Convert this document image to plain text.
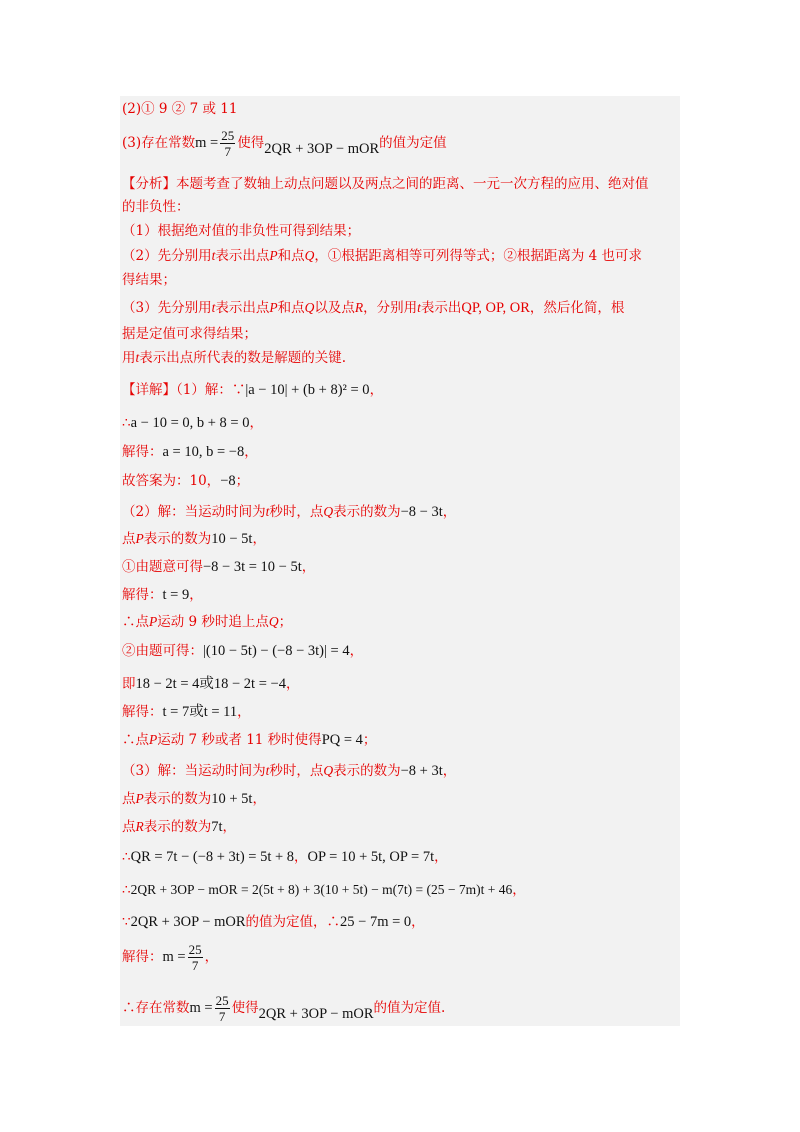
(2)① 9 ② 7 或 11
(3)存在常数$m = \frac{25}{7}$ 使得2QR + 3OP − mOR的值为定值
【分析】本题考查了数轴上动点问题以及两点之间的距离、一元一次方程的应用、绝对值
的非负性：
（1）根据绝对值的非负性可得到结果；
（2）先分别用t表示出点P和点Q，①根据距离相等可列得等式；②根据距离为 4 也可求
得结果；
（3）先分别用t表示出点P和点Q以及点R，分别用t表示出QP, OP, OR，然后化简，根
据是定值可求得结果；
用t表示出点所代表的数是解题的关键.
【详解】（1）解：∵|a − 10| + (b + 8)² = 0，
∴a − 10 = 0, b + 8 = 0，
解得：a = 10, b = −8，
故答案为：10，−8；
（2）解：当运动时间为t秒时，点Q表示的数为−8 − 3t，
点P表示的数为10 − 5t，
①由题意可得−8 − 3t = 10 − 5t，
解得：t = 9，
∴点P运动 9 秒时追上点Q；
②由题可得：|(10 − 5t) − (−8 − 3t)| = 4，
即18 − 2t = 4或18 − 2t = −4，
解得：t = 7或t = 11，
∴点P运动 7 秒或者 11 秒时使得PQ = 4；
（3）解：当运动时间为t秒时，点Q表示的数为−8 + 3t，
点P表示的数为10 + 5t，
点R表示的数为7t，
∴QR = 7t − (−8 + 3t) = 5t + 8，OP = 10 + 5t, OP = 7t，
∴2QR + 3OP − mOR = 2(5t + 8) + 3(10 + 5t) − m(7t) = (25 − 7m)t + 46，
∵2QR + 3OP − mOR的值为定值，∴25 − 7m = 0，
解得：$m = \frac{25}{7}$ ，
∴存在常数$m = \frac{25}{7}$ 使得2QR + 3OP − mOR的值为定值.
